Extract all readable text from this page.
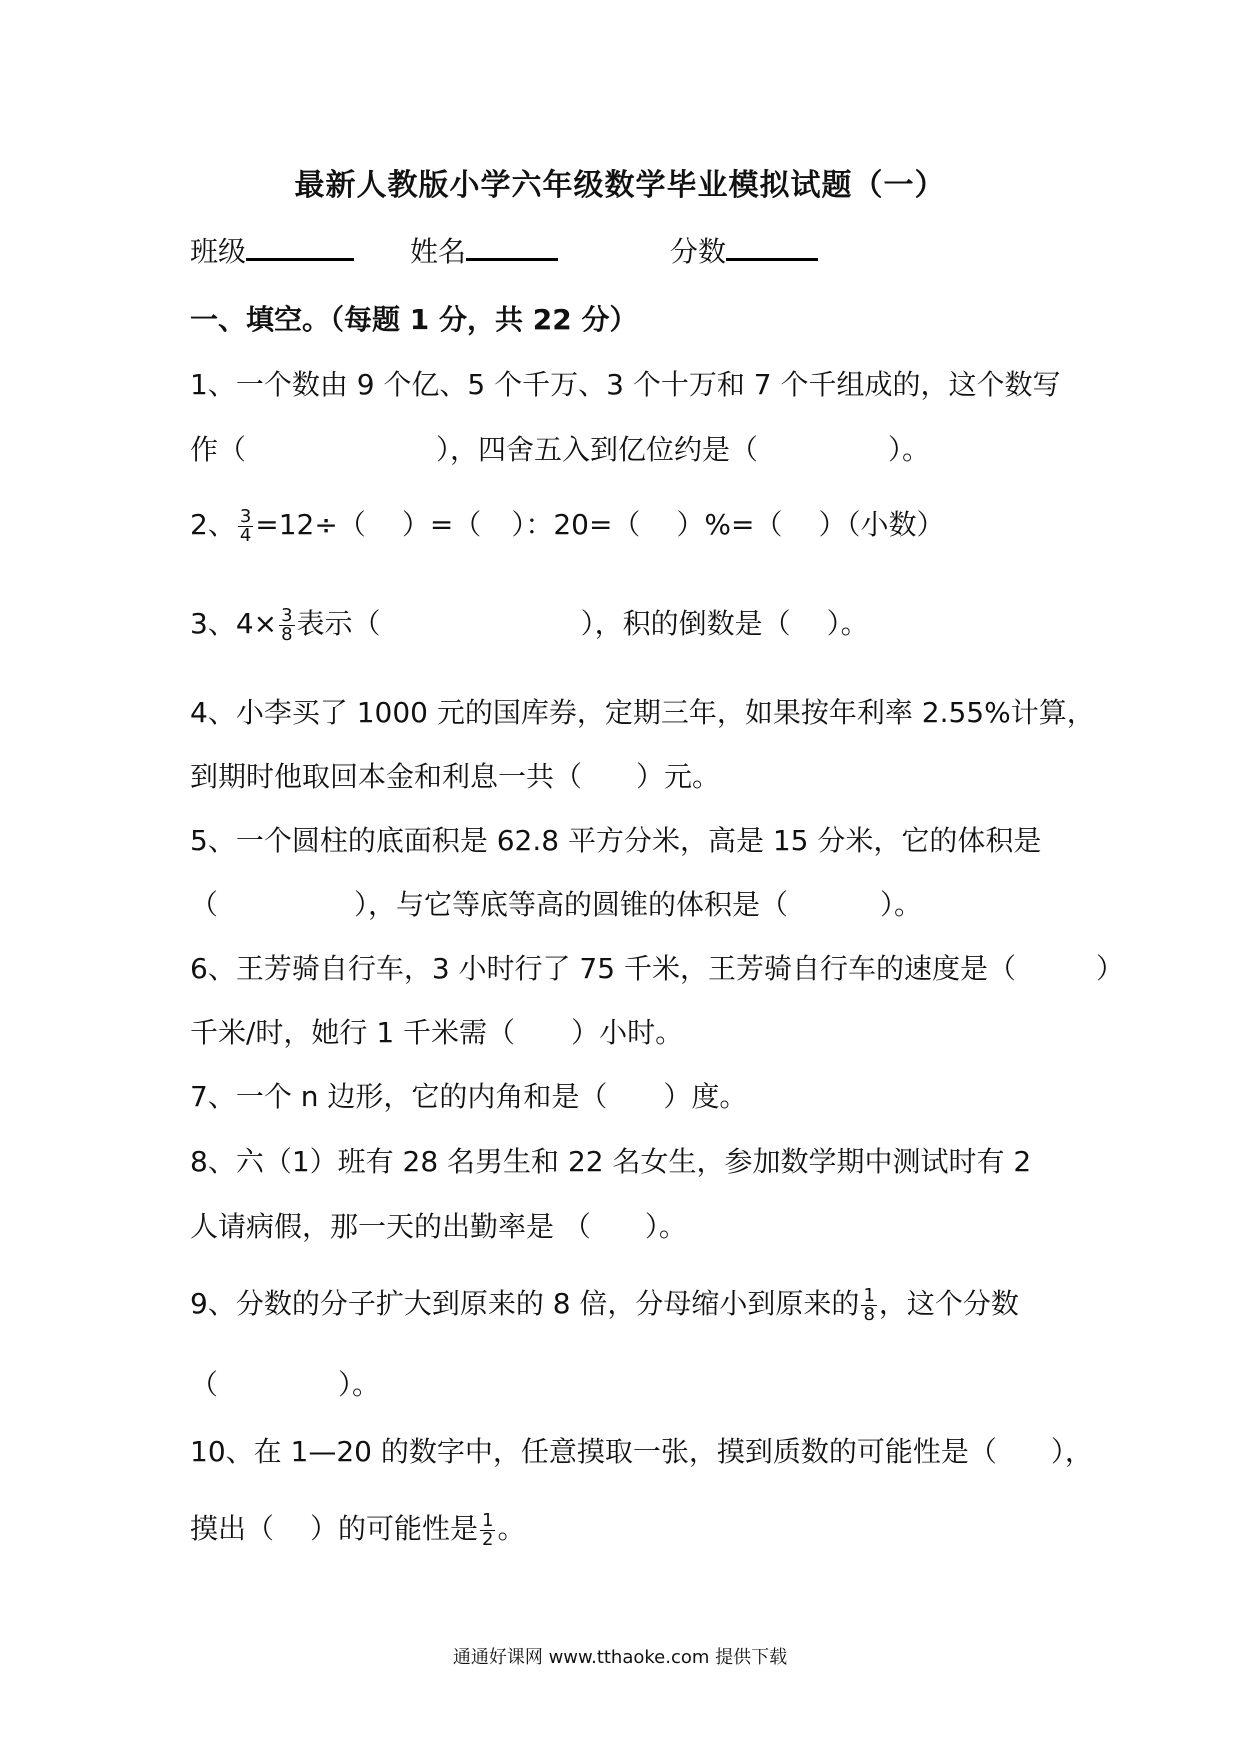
最新人教版小学六年级数学毕业模拟试题（一）
班级	姓名	分数
一、填空。（每题 1 分，共 22 分）
1、一个数由 9 个亿、5 个千万、3 个十万和 7 个千组成的，这个数写
作（	），四舍五入到亿位约是（	）。
2、 $\frac{3}{4} =12\div$（ ）=（ ）：20=（ ）%=（ ）（小数）
3、$4\times \frac{3}{8}$ 表示（	），积的倒数是（ ）。
4、小李买了 1000 元的国库券，定期三年，如果按年利率 2.55%计算，
到期时他取回本金和利息一共（ ）元。
5、一个圆柱的底面积是 62.8 平方分米，高是 15 分米，它的体积是
（	），与它等底等高的圆锥的体积是（	）。
6、王芳骑自行车，3 小时行了 75 千米，王芳骑自行车的速度是（	）
千米/时，她行 1 千米需（ ）小时。
7、一个 n 边形，它的内角和是（ ）度。
8、六（1）班有 28 名男生和 22 名女生，参加数学期中测试时有 2
人请病假，那一天的出勤率是 （ ）。
9、分数的分子扩大到原来的 8 倍，分母缩小到原来的 $\frac{1}{8}$ ，这个分数
（	）。
10、在 1—20 的数字中，任意摸取一张，摸到质数的可能性是（ ），
摸出（ ）的可能性是 $\frac{1}{2}$ 。
通通好课网 www.tthaoke.com 提供下载
